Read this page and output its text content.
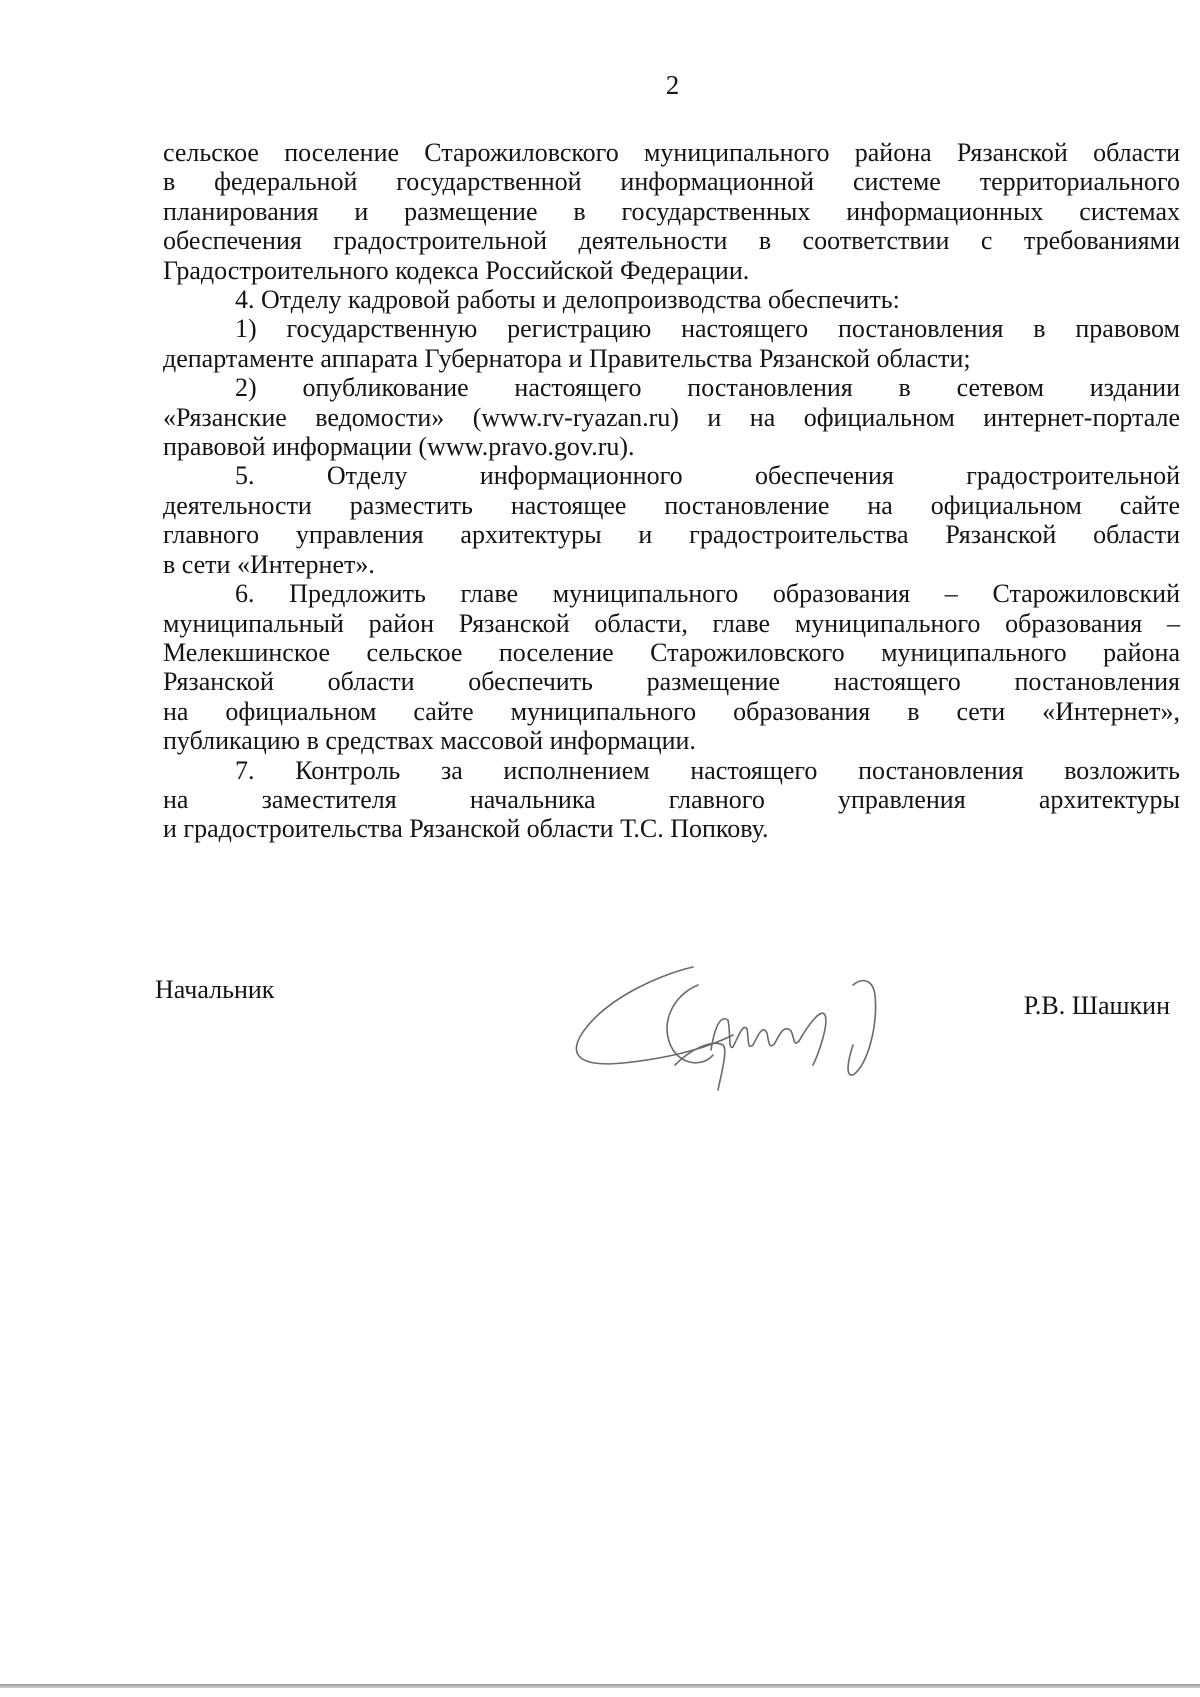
2

сельское поселение Старожиловского муниципального района Рязанской области

в федеральной государственной информационной системе территориального

планирования и размещение в государственных информационных системах

обеспечения градостроительной деятельности в соответствии с требованиями

Градостроительного кодекса Российской Федерации.

4. Отделу кадровой работы и делопроизводства обеспечить:

1) государственную регистрацию настоящего постановления в правовом

департаменте аппарата Губернатора и Правительства Рязанской области;

2) опубликование настоящего постановления в сетевом издании

«Рязанские ведомости» (www.rv-ryazan.ru) и на официальном интернет-портале

правовой информации (www.pravo.gov.ru).

5. Отделу информационного обеспечения градостроительной

деятельности разместить настоящее постановление на официальном сайте

главного управления архитектуры и градостроительства Рязанской области

в сети «Интернет».

6. Предложить главе муниципального образования – Старожиловский

муниципальный район Рязанской области, главе муниципального образования –

Мелекшинское сельское поселение Старожиловского муниципального района

Рязанской области обеспечить размещение настоящего постановления

на официальном сайте муниципального образования в сети «Интернет»,

публикацию в средствах массовой информации.

7. Контроль за исполнением настоящего постановления возложить

на заместителя начальника главного управления архитектуры

и градостроительства Рязанской области Т.С. Попкову.

Начальник
Р.В. Шашкин
